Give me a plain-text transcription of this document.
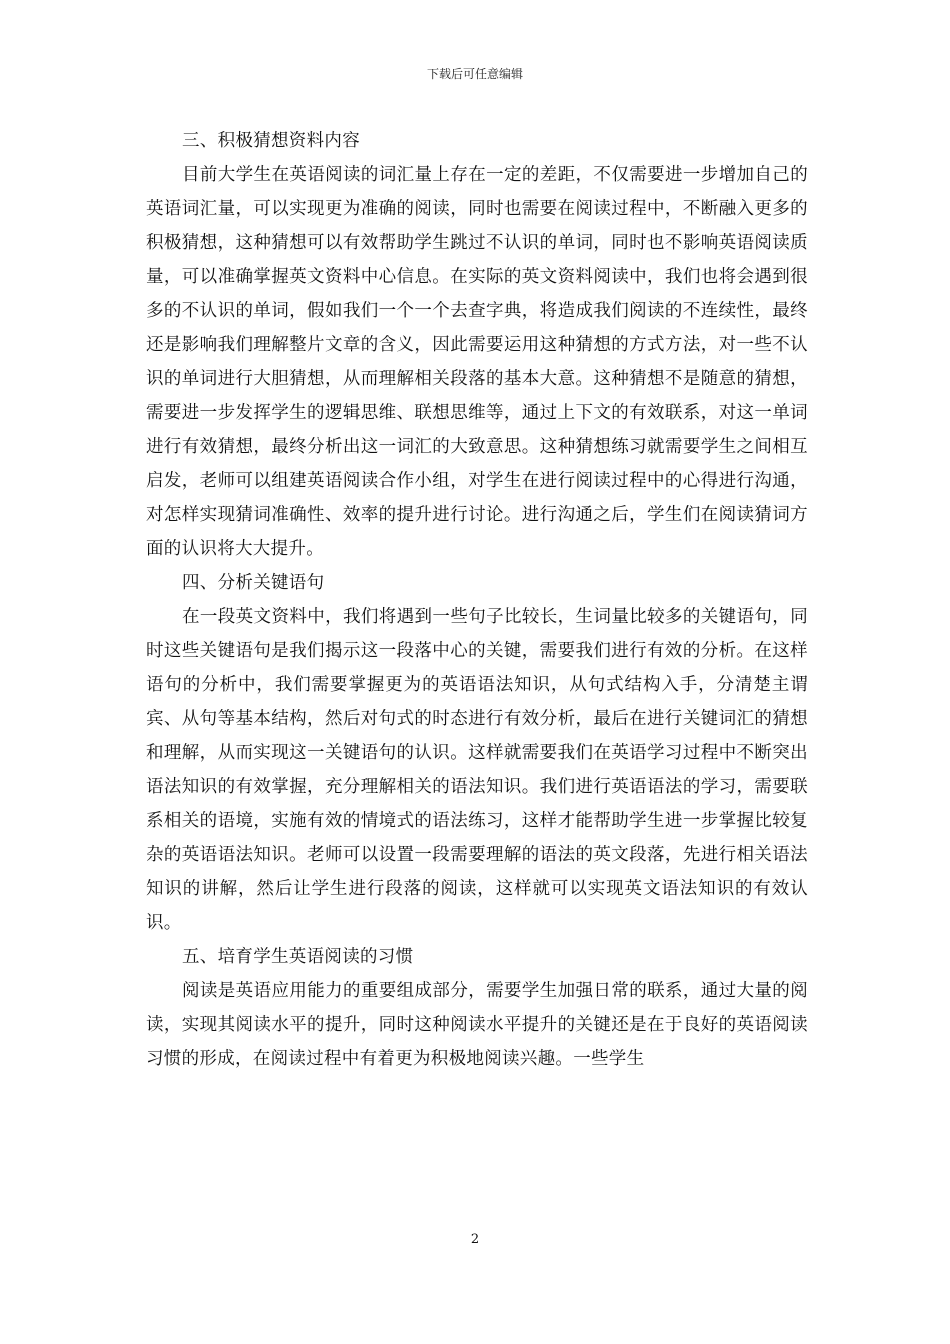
下载后可任意编辑

三、积极猜想资料内容

目前大学生在英语阅读的词汇量上存在一定的差距，不仅需要进一步增加自己的英语词汇量，可以实现更为准确的阅读，同时也需要在阅读过程中，不断融入更多的积极猜想，这种猜想可以有效帮助学生跳过不认识的单词，同时也不影响英语阅读质量，可以准确掌握英文资料中心信息。在实际的英文资料阅读中，我们也将会遇到很多的不认识的单词，假如我们一个一个去查字典，将造成我们阅读的不连续性，最终还是影响我们理解整片文章的含义，因此需要运用这种猜想的方式方法，对一些不认识的单词进行大胆猜想，从而理解相关段落的基本大意。这种猜想不是随意的猜想，需要进一步发挥学生的逻辑思维、联想思维等，通过上下文的有效联系，对这一单词进行有效猜想，最终分析出这一词汇的大致意思。这种猜想练习就需要学生之间相互启发，老师可以组建英语阅读合作小组，对学生在进行阅读过程中的心得进行沟通，对怎样实现猜词准确性、效率的提升进行讨论。进行沟通之后，学生们在阅读猜词方面的认识将大大提升。

四、分析关键语句

在一段英文资料中，我们将遇到一些句子比较长，生词量比较多的关键语句，同时这些关键语句是我们揭示这一段落中心的关键，需要我们进行有效的分析。在这样语句的分析中，我们需要掌握更为的英语语法知识，从句式结构入手，分清楚主谓宾、从句等基本结构，然后对句式的时态进行有效分析，最后在进行关键词汇的猜想和理解，从而实现这一关键语句的认识。这样就需要我们在英语学习过程中不断突出语法知识的有效掌握，充分理解相关的语法知识。我们进行英语语法的学习，需要联系相关的语境，实施有效的情境式的语法练习，这样才能帮助学生进一步掌握比较复杂的英语语法知识。老师可以设置一段需要理解的语法的英文段落，先进行相关语法知识的讲解，然后让学生进行段落的阅读，这样就可以实现英文语法知识的有效认识。

五、培育学生英语阅读的习惯

阅读是英语应用能力的重要组成部分，需要学生加强日常的联系，通过大量的阅读，实现其阅读水平的提升，同时这种阅读水平提升的关键还是在于良好的英语阅读习惯的形成，在阅读过程中有着更为积极地阅读兴趣。一些学生

2
